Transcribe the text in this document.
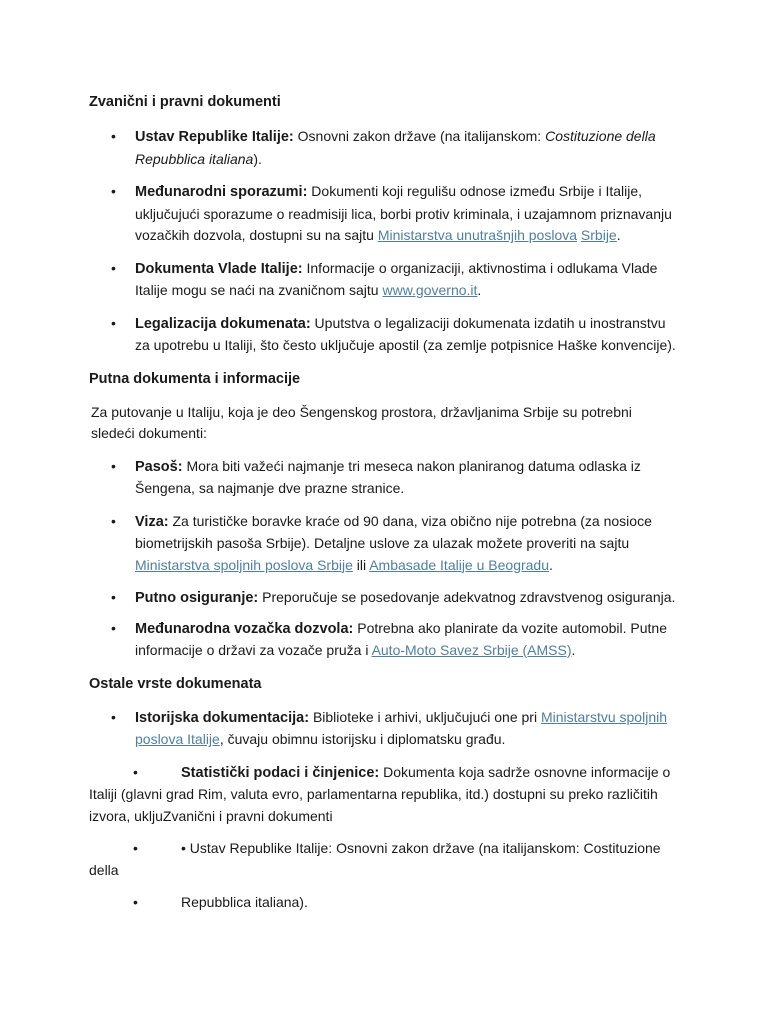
Zvanični i pravni dokumenti
• Ustav Republike Italije: Osnovni zakon države (na italijanskom: Costituzione della Repubblica italiana).
• Međunarodni sporazumi: Dokumenti koji regulišu odnose između Srbije i Italije, uključujući sporazume o readmisiji lica, borbi protiv kriminala, i uzajamnom priznavanju vozačkih dozvola, dostupni su na sajtu Ministarstva unutrašnjih poslova Srbije.
• Dokumenta Vlade Italije: Informacije o organizaciji, aktivnostima i odlukama Vlade Italije mogu se naći na zvaničnom sajtu www.governo.it.
• Legalizacija dokumenata: Uputstva o legalizaciji dokumenata izdatih u inostranstvu za upotrebu u Italiji, što često uključuje apostil (za zemlje potpisnice Haške konvencije).
Putna dokumenta i informacije

Za putovanje u Italiju, koja je deo Šengenskog prostora, državljanima Srbije su potrebni sledeći dokumenti:

• Pasoš: Mora biti važeći najmanje tri meseca nakon planiranog datuma odlaska iz Šengena, sa najmanje dve prazne stranice.
• Viza: Za turističke boravke kraće od 90 dana, viza obično nije potrebna (za nosioce biometrijskih pasoša Srbije). Detaljne uslove za ulazak možete proveriti na sajtu Ministarstva spoljnih poslova Srbije ili Ambasade Italije u Beogradu.
• Putno osiguranje: Preporučuje se posedovanje adekvatnog zdravstvenog osiguranja.
• Međunarodna vozačka dozvola: Potrebna ako planirate da vozite automobil. Putne informacije o državi za vozače pruža i Auto-Moto Savez Srbije (AMSS).
Ostale vrste dokumenata
• Istorijska dokumentacija: Biblioteke i arhivi, uključujući one pri Ministarstvu spoljnih poslova Italije, čuvaju obimnu istorijsku i diplomatsku građu.
•	Statistički podaci i činjenice: Dokumenta koja sadrže osnovne informacije o Italiji (glavni grad Rim, valuta evro, parlamentarna republika, itd.) dostupni su preko različitih izvora, ukljuZvanični i pravni dokumenti
•	• Ustav Republike Italije: Osnovni zakon države (na italijanskom: Costituzione della
•	Repubblica italiana).
